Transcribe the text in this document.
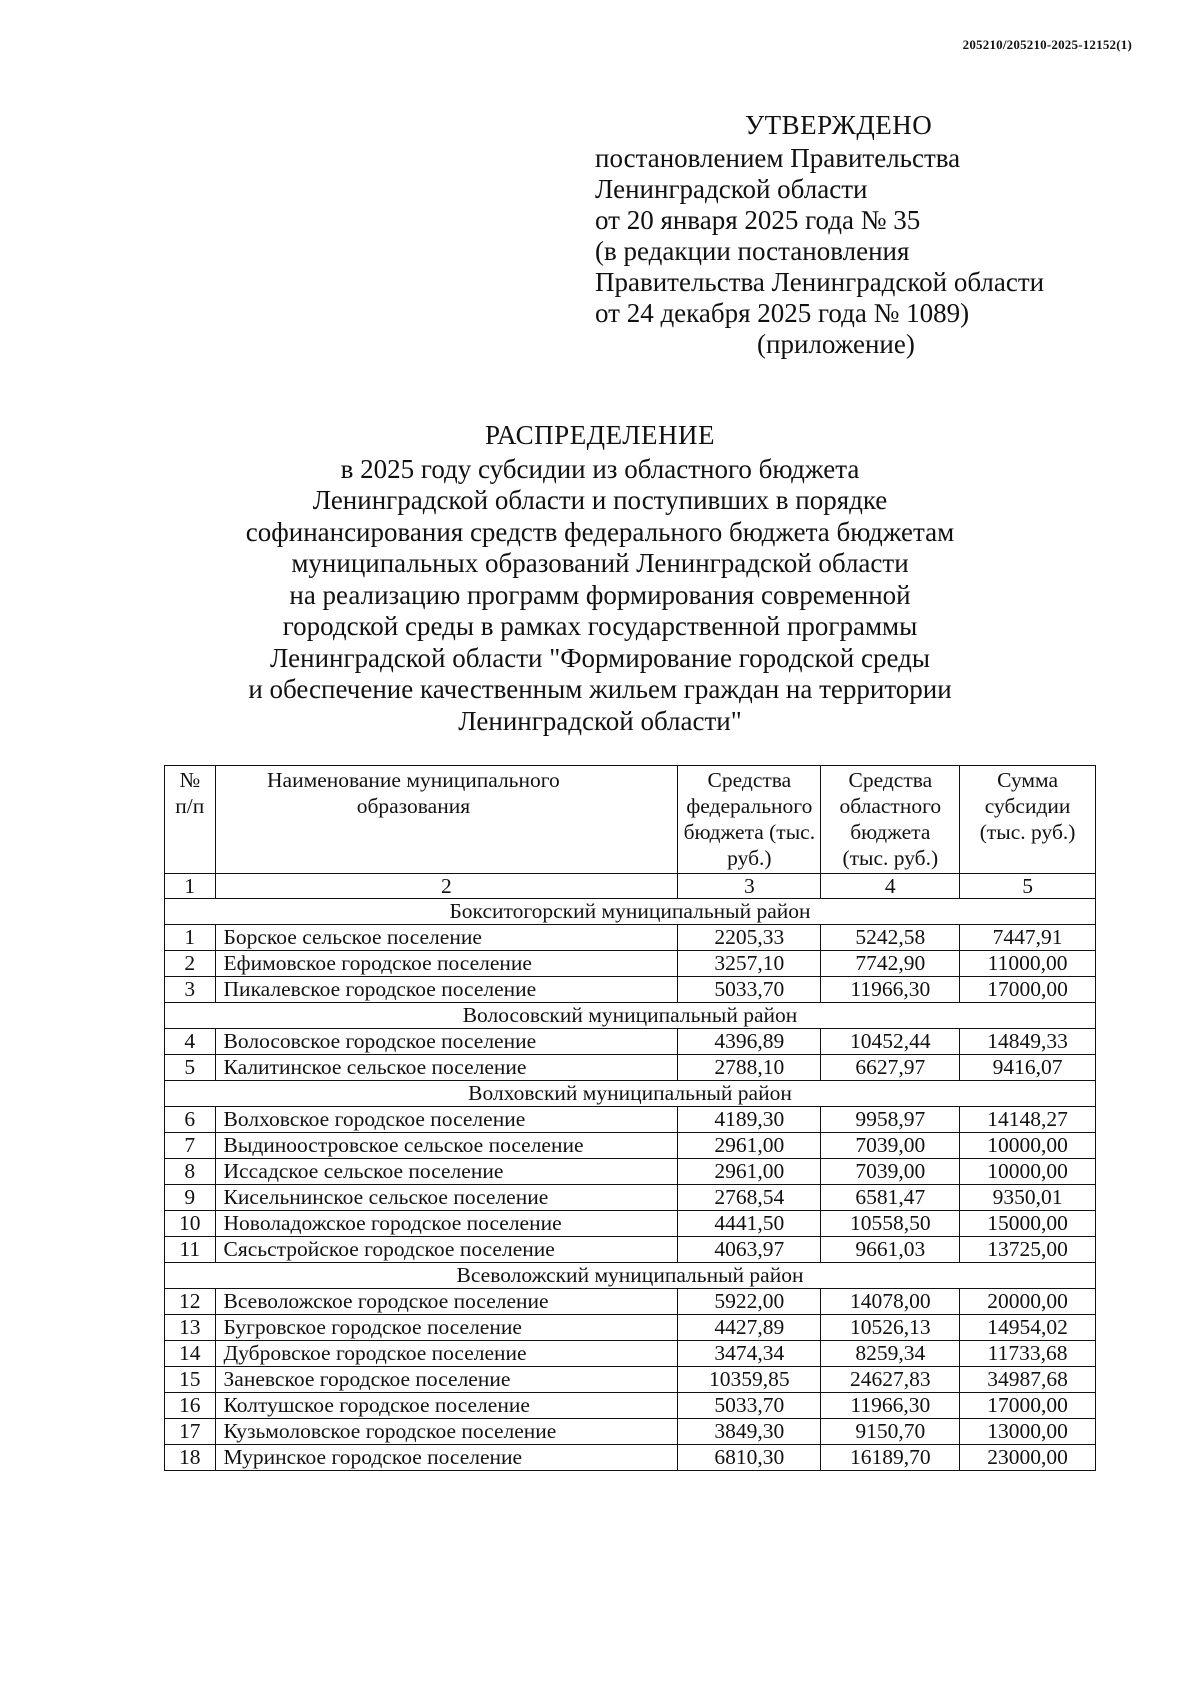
205210/205210-2025-12152(1)
УТВЕРЖДЕНО
постановлением Правительства
Ленинградской области
от 20 января 2025 года № 35
(в редакции постановления
Правительства Ленинградской области
от 24 декабря 2025 года № 1089)
(приложение)
РАСПРЕДЕЛЕНИЕ
в 2025 году субсидии из областного бюджета
Ленинградской области и поступивших в порядке
софинансирования средств федерального бюджета бюджетам
муниципальных образований Ленинградской области
на реализацию программ формирования современной
городской среды в рамках государственной программы
Ленинградской области "Формирование городской среды
и обеспечение качественным жильем граждан на территории
Ленинградской области"
№ п/п	Наименование муниципального образования	Средства федерального бюджета (тыс. руб.)	Средства областного бюджета (тыс. руб.)	Сумма субсидии (тыс. руб.)
1	2	3	4	5
Бокситогорский муниципальный район				
1	Борское сельское поселение	2205,33	5242,58	7447,91
2	Ефимовское городское поселение	3257,10	7742,90	11000,00
3	Пикалевское городское поселение	5033,70	11966,30	17000,00
Волосовский муниципальный район				
4	Волосовское городское поселение	4396,89	10452,44	14849,33
5	Калитинское сельское поселение	2788,10	6627,97	9416,07
Волховский муниципальный район				
6	Волховское городское поселение	4189,30	9958,97	14148,27
7	Выдиноостровское сельское поселение	2961,00	7039,00	10000,00
8	Иссадское сельское поселение	2961,00	7039,00	10000,00
9	Кисельнинское сельское поселение	2768,54	6581,47	9350,01
10	Новоладожское городское поселение	4441,50	10558,50	15000,00
11	Сясьстройское городское поселение	4063,97	9661,03	13725,00
Всеволожский муниципальный район				
12	Всеволожское городское поселение	5922,00	14078,00	20000,00
13	Бугровское городское поселение	4427,89	10526,13	14954,02
14	Дубровское городское поселение	3474,34	8259,34	11733,68
15	Заневское городское поселение	10359,85	24627,83	34987,68
16	Колтушское городское поселение	5033,70	11966,30	17000,00
17	Кузьмоловское городское поселение	3849,30	9150,70	13000,00
18	Муринское городское поселение	6810,30	16189,70	23000,00
